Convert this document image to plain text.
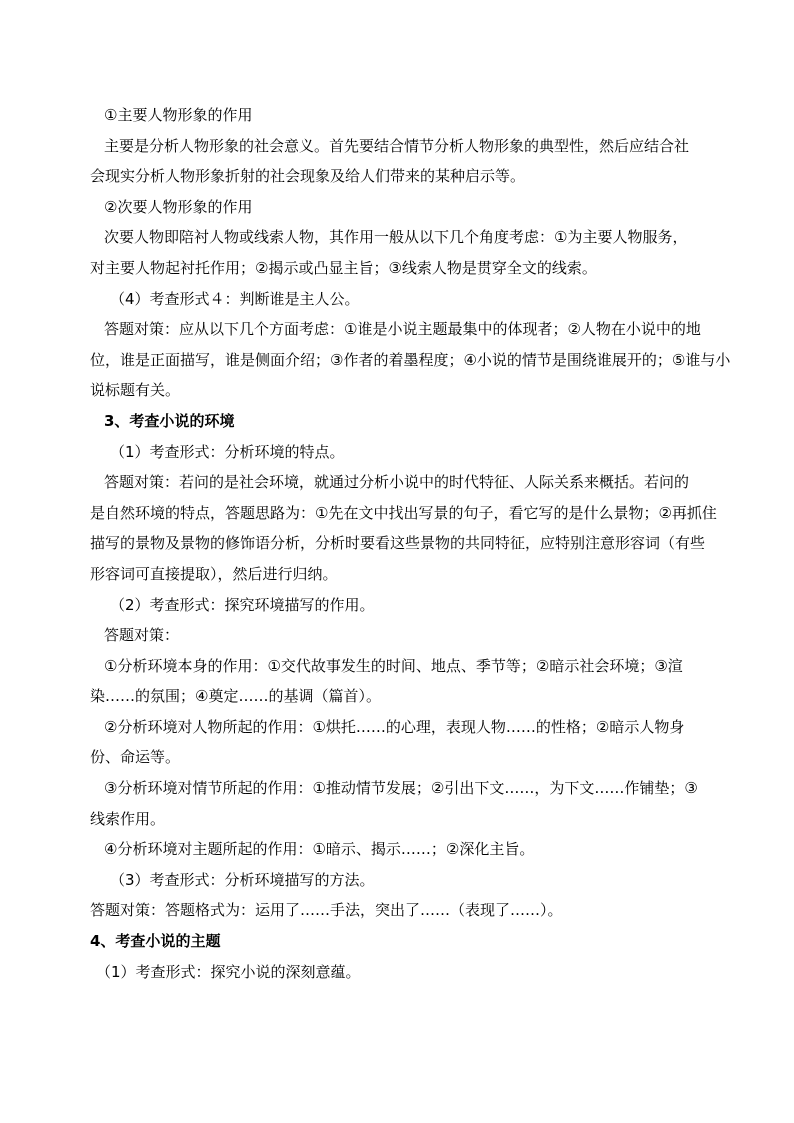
①主要人物形象的作用

主要是分析人物形象的社会意义。首先要结合情节分析人物形象的典型性，然后应结合社
会现实分析人物形象折射的社会现象及给人们带来的某种启示等。

②次要人物形象的作用

次要人物即陪衬人物或线索人物，其作用一般从以下几个角度考虑：①为主要人物服务，
对主要人物起衬托作用；②揭示或凸显主旨；③线索人物是贯穿全文的线索。

（4）考查形式４：判断谁是主人公。

答题对策：应从以下几个方面考虑：①谁是小说主题最集中的体现者；②人物在小说中的地
位，谁是正面描写，谁是侧面介绍；③作者的着墨程度；④小说的情节是围绕谁展开的；⑤谁与小
说标题有关。

3、考查小说的环境

（1）考查形式：分析环境的特点。

答题对策：若问的是社会环境，就通过分析小说中的时代特征、人际关系来概括。若问的
是自然环境的特点，答题思路为：①先在文中找出写景的句子，看它写的是什么景物；②再抓住
描写的景物及景物的修饰语分析，分析时要看这些景物的共同特征，应特别注意形容词（有些
形容词可直接提取），然后进行归纳。

（2）考查形式：探究环境描写的作用。

答题对策：

①分析环境本身的作用：①交代故事发生的时间、地点、季节等；②暗示社会环境；③渲
染……的氛围；④奠定……的基调（篇首）。

②分析环境对人物所起的作用：①烘托……的心理，表现人物……的性格；②暗示人物身
份、命运等。

③分析环境对情节所起的作用：①推动情节发展；②引出下文……，为下文……作铺垫；③
线索作用。

④分析环境对主题所起的作用：①暗示、揭示……；②深化主旨。

（3）考查形式：分析环境描写的方法。

答题对策：答题格式为：运用了……手法，突出了……（表现了……）。

4、考查小说的主题

（1）考查形式：探究小说的深刻意蕴。
